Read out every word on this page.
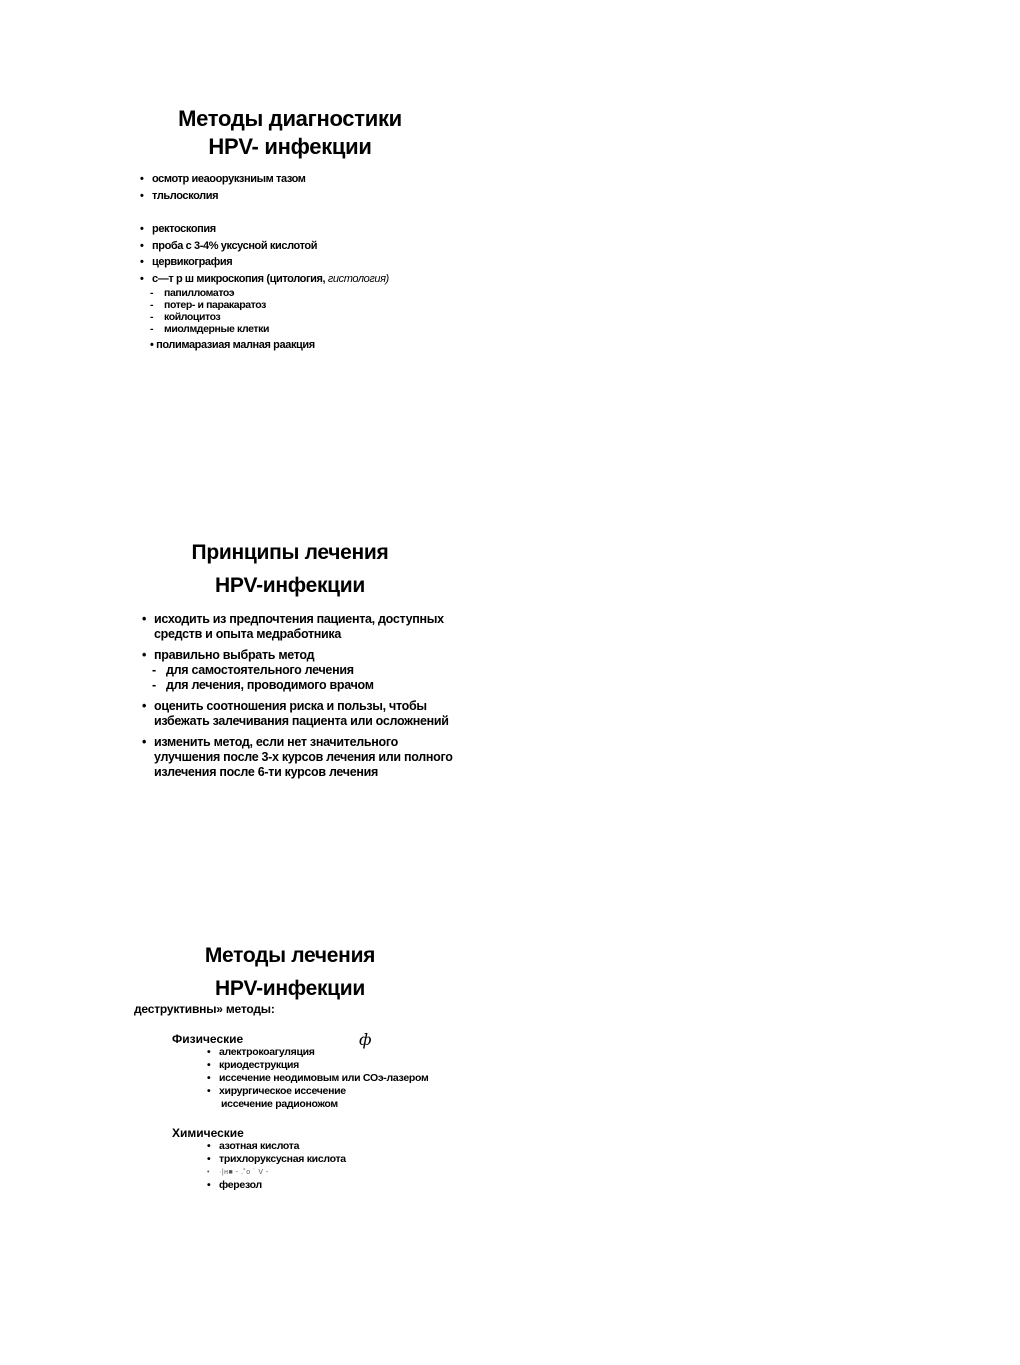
Методы диагностики
HPV- инфекции
• осмотр иеаоорукзниым тазом
• тльлосколия
• ректоскопия
• проба с 3-4% уксусной кислотой
• цервикография
• с—т р ш микроскопия (цитология, гистология)
- папилломатоэ
- потер- и паракаратоз
- койлоцитоз
- миолмдерные клетки
• полимаразиая малная раакция
Принципы лечения
HPV-инфекции
• исходить из предпочтения пациента, доступных
средств и опыта медработника
• правильно выбрать метод
- для самостоятельного лечения
- для лечения, проводимого врачом
• оценить соотношения риска и пользы, чтобы
избежать залечивания пациента или осложнений
• изменить метод, если нет значительного
улучшения после 3-х курсов лечения или полного
излечения после 6-ти курсов лечения
Методы лечения
HPV-инфекции
деструктивны» методы:
Физические	ф
• алектрокоагуляция
• криодеструкция
• иссечение неодимовым или СОэ-лазером
• хирургическое иссечение
иссечение радионожом
Химические
• азотная кислота
• трихлоруксусная кислота
• ·|н■ - .˚o ˙ V -
• ферезол
